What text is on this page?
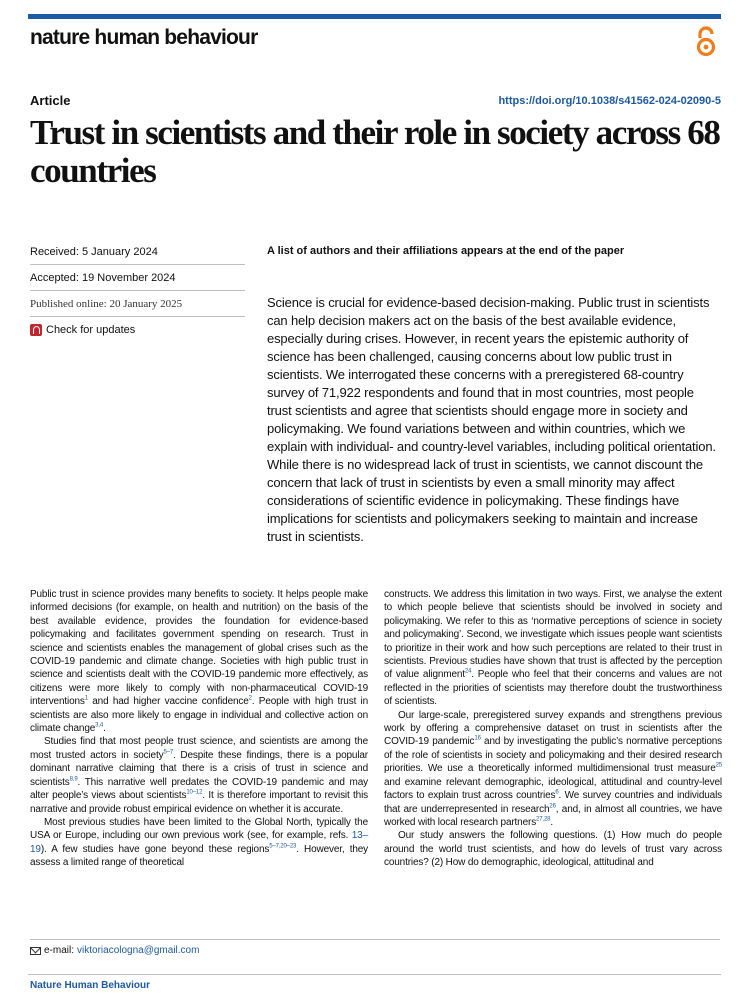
nature human behaviour
Article	https://doi.org/10.1038/s41562-024-02090-5
Trust in scientists and their role in society across 68 countries
Received: 5 January 2024
Accepted: 19 November 2024
Published online: 20 January 2025
Check for updates
A list of authors and their affiliations appears at the end of the paper

Science is crucial for evidence-based decision-making. Public trust in scientists can help decision makers act on the basis of the best available evidence, especially during crises. However, in recent years the epistemic authority of science has been challenged, causing concerns about low public trust in scientists. We interrogated these concerns with a preregistered 68-country survey of 71,922 respondents and found that in most countries, most people trust scientists and agree that scientists should engage more in society and policymaking. We found variations between and within countries, which we explain with individual- and country-level variables, including political orientation. While there is no widespread lack of trust in scientists, we cannot discount the concern that lack of trust in scientists by even a small minority may affect considerations of scientific evidence in policymaking. These findings have implications for scientists and policymakers seeking to maintain and increase trust in scientists.

Public trust in science provides many benefits to society. It helps people make informed decisions (for example, on health and nutrition) on the basis of the best available evidence, provides the foundation for evidence-based policymaking and facilitates government spending on research. Trust in science and scientists enables the management of global crises such as the COVID-19 pandemic and climate change. Societies with high public trust in science and scientists dealt with the COVID-19 pandemic more effectively, as citizens were more likely to comply with non-pharmaceutical COVID-19 interventions$^1$ and had higher vaccine confidence$^2$. People with high trust in scientists are also more likely to engage in individual and collective action on climate change$^{3,4}$.

Studies find that most people trust science, and scientists are among the most trusted actors in society$^{5-7}$. Despite these findings, there is a popular dominant narrative claiming that there is a crisis of trust in science and scientists$^{8,9}$. This narrative well predates the COVID-19 pandemic and may alter people’s views about scientists$^{10-12}$. It is therefore important to revisit this narrative and provide robust empirical evidence on whether it is accurate.

Most previous studies have been limited to the Global North, typically the USA or Europe, including our own previous work (see, for example, refs. 13–19). A few studies have gone beyond these regions$^{5-7,20-23}$. However, they assess a limited range of theoretical

constructs. We address this limitation in two ways. First, we analyse the extent to which people believe that scientists should be involved in society and policymaking. We refer to this as ‘normative perceptions of science in society and policymaking’. Second, we investigate which issues people want scientists to prioritize in their work and how such perceptions are related to their trust in scientists. Previous studies have shown that trust is affected by the perception of value alignment$^{24}$. People who feel that their concerns and values are not reflected in the priorities of scientists may therefore doubt the trustworthiness of scientists.

Our large-scale, preregistered survey expands and strengthens previous work by offering a comprehensive dataset on trust in scientists after the COVID-19 pandemic$^{16}$ and by investigating the public’s normative perceptions of the role of scientists in society and policymaking and their desired research priorities. We use a theoretically informed multidimensional trust measure$^{25}$ and examine relevant demographic, ideological, attitudinal and country-level factors to explain trust across countries$^6$. We survey countries and individuals that are underrepresented in research$^{26}$, and, in almost all countries, we have worked with local research partners$^{27,28}$.

Our study answers the following questions. (1) How much do people around the world trust scientists, and how do levels of trust vary across countries? (2) How do demographic, ideological, attitudinal and

e-mail: viktoriacologna@gmail.com
Nature Human Behaviour
